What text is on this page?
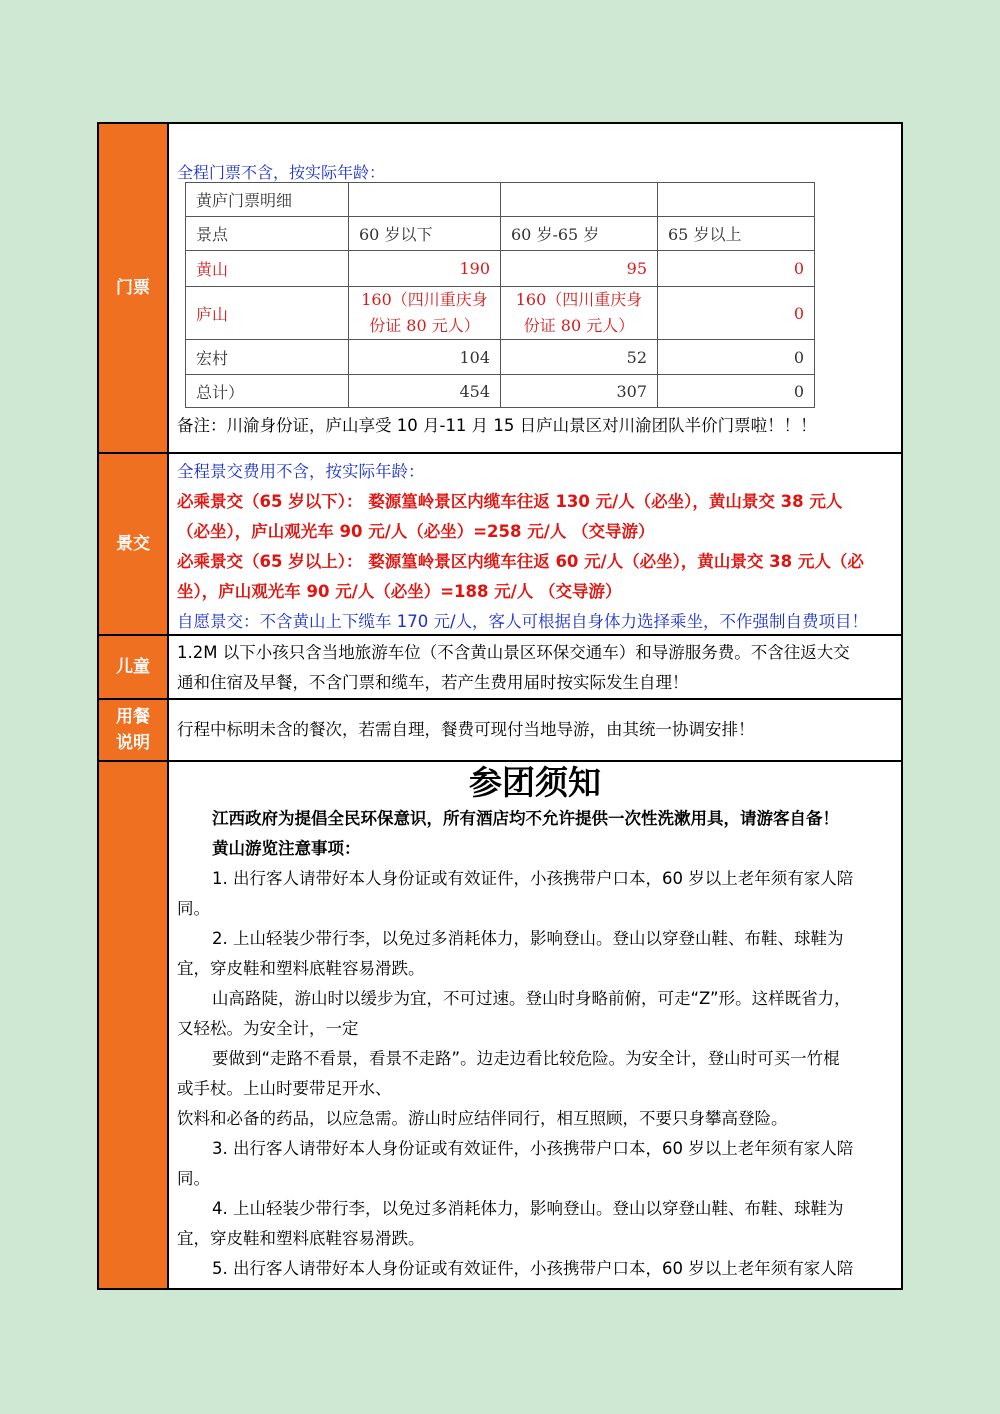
门票
全程门票不含，按实际年龄：
黄庐门票明细			
景点	60 岁以下	60 岁-65 岁	65 岁以上
黄山	190	95	0
庐山	160（四川重庆身份证 80 元人）	160（四川重庆身份证 80 元人）	0
宏村	104	52	0
总计）	454	307	0
备注：川渝身份证，庐山享受 10 月-11 月 15 日庐山景区对川渝团队半价门票啦！！！
景交
全程景交费用不含，按实际年龄：
必乘景交（65 岁以下）： 婺源篁岭景区内缆车往返 130 元/人（必坐），黄山景交 38 元人
（必坐），庐山观光车 90 元/人（必坐）=258 元/人 （交导游）
必乘景交（65 岁以上）： 婺源篁岭景区内缆车往返 60 元/人（必坐），黄山景交 38 元人（必
坐），庐山观光车 90 元/人（必坐）=188 元/人 （交导游）
自愿景交：不含黄山上下缆车 170 元/人，客人可根据自身体力选择乘坐，不作强制自费项目！
儿童
1.2M 以下小孩只含当地旅游车位（不含黄山景区环保交通车）和导游服务费。不含往返大交
通和住宿及早餐，不含门票和缆车，若产生费用届时按实际发生自理！
用餐
说明
行程中标明未含的餐次，若需自理，餐费可现付当地导游，由其统一协调安排！
参团须知
江西政府为提倡全民环保意识，所有酒店均不允许提供一次性洗漱用具，请游客自备！
黄山游览注意事项：
1. 出行客人请带好本人身份证或有效证件，小孩携带户口本，60 岁以上老年须有家人陪
同。
2. 上山轻装少带行李，以免过多消耗体力，影响登山。登山以穿登山鞋、布鞋、球鞋为
宜，穿皮鞋和塑料底鞋容易滑跌。
山高路陡，游山时以缓步为宜，不可过速。登山时身略前俯，可走“Z”形。这样既省力，
又轻松。为安全计，一定
要做到“走路不看景，看景不走路”。边走边看比较危险。为安全计，登山时可买一竹棍
或手杖。上山时要带足开水、
饮料和必备的药品，以应急需。游山时应结伴同行，相互照顾，不要只身攀高登险。
3. 出行客人请带好本人身份证或有效证件，小孩携带户口本，60 岁以上老年须有家人陪
同。
4. 上山轻装少带行李，以免过多消耗体力，影响登山。登山以穿登山鞋、布鞋、球鞋为
宜，穿皮鞋和塑料底鞋容易滑跌。
5. 出行客人请带好本人身份证或有效证件，小孩携带户口本，60 岁以上老年须有家人陪
